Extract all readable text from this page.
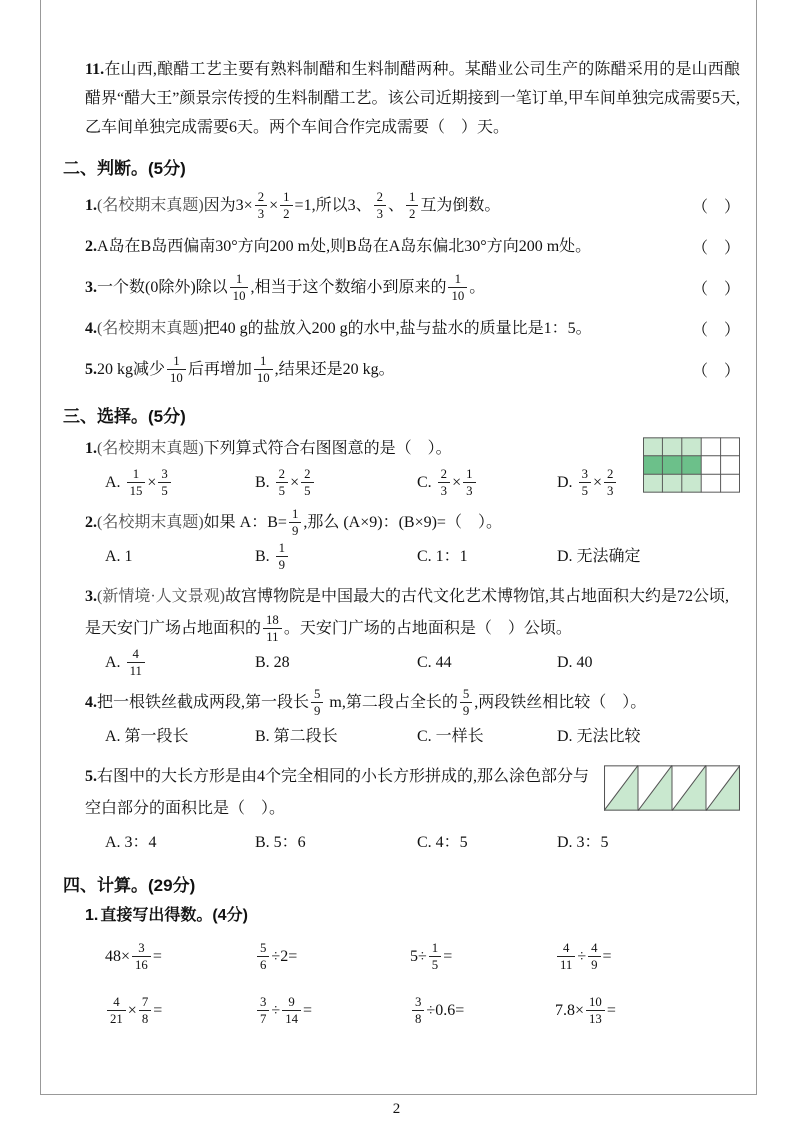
11.在山西,酿醋工艺主要有熟料制醋和生料制醋两种。某醋业公司生产的陈醋采用的是山西酿醋界“醋大王”颜景宗传授的生料制醋工艺。该公司近期接到一笔订单,甲车间单独完成需要5天,乙车间单独完成需要6天。两个车间合作完成需要（　）天。
二、判断。(5分)
1.(名校期末真题)因为$3\times \frac{2}{3} \times \frac{1}{2} =1$,所以3、 $\frac{2}{3}$ 、 $\frac{1}{2}$ 互为倒数。	（　）
2.A岛在B岛西偏南30°方向200 m处,则B岛在A岛东偏北30°方向200 m处。	（　）
3.一个数(0除外)除以 $\frac{1}{10}$ ,相当于这个数缩小到原来的 $\frac{1}{10}$ 。	（　）
4.(名校期末真题)把40 g的盐放入200 g的水中,盐与盐水的质量比是1：5。	（　）
5.20 kg减少 $\frac{1}{10}$ 后再增加 $\frac{1}{10}$ ,结果还是20 kg。	（　）
三、选择。(5分)
1.(名校期末真题)下列算式符合右图图意的是（　）。
A. $\frac{1}{15} \times \frac{3}{5}$	B. $\frac{2}{5} \times \frac{2}{5}$	C. $\frac{2}{3} \times \frac{1}{3}$	D. $\frac{3}{5} \times \frac{2}{3}$
2.(名校期末真题)如果 A：$B= \frac{1}{9}$ ,那么 (A×9)：(B×9)=（　）。
A. 1	B. $\frac{1}{9}$	C. 1：1	D. 无法确定
3.(新情境·人文景观)故宫博物院是中国最大的古代文化艺术博物馆,其占地面积大约是72公顷,是天安门广场占地面积的 $\frac{18}{11}$ 。天安门广场的占地面积是（　）公顷。
A. $\frac{4}{11}$	B. 28	C. 44	D. 40
4.把一根铁丝截成两段,第一段长 $\frac{5}{9} m$,第二段占全长的 $\frac{5}{9}$ ,两段铁丝相比较（　）。
A. 第一段长	B. 第二段长	C. 一样长	D. 无法比较
5.右图中的大长方形是由4个完全相同的小长方形拼成的,那么涂色部分与空白部分的面积比是（　）。
A. 3：4	B. 5：6	C. 4：5	D. 3：5
四、计算。(29分)
1. 直接写出得数。(4分)
$48\times \frac{3}{16}$ =	$\frac{5}{6} \div 2=$	$5\div \frac{1}{5}$ =	$\frac{4}{11} \div \frac{4}{9}$ =
$\frac{4}{21} \times \frac{7}{8}$ =	$\frac{3}{7} \div \frac{9}{14}$ =	$\frac{3}{8} \div 0.6=$	$7.8\times \frac{10}{13}$ =
2
